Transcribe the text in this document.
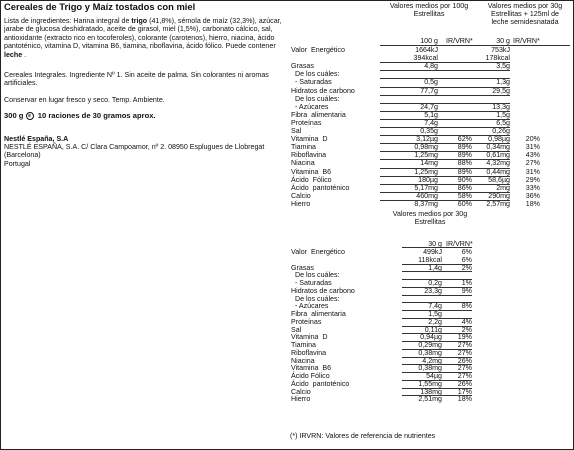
Cereales de Trigo y Maíz tostados con miel

Lista de ingredientes: Harina integral de trigo (41,8%), sémola de maíz (32,3%), azúcar, jarabe de glucosa deshidratado, aceite de girasol, miel (1,5%), carbonato cálcico, sal, antioxidante (extracto rico en tocoferoles), colorante (carotenos), hierro, niacina, ácido pantoténico, vitamina D, vitamina B6, tiamina, riboflavina, ácido fólico. Puede contener leche .

Cereales Integrales. Ingrediente Nº 1. Sin aceite de palma. Sin colorantes ni aromas artificiales.
Conservar en lugar fresco y seco. Temp. Ambiente.
300 g e 10 raciones de 30 gramos aprox.
Nestlé España, S.A
NESTLÉ ESPAÑA, S.A. C/ Clara Campoamor, nº 2. 08950 Esplugues de Llobregat (Barcelona)
Portugal
Valores medios por 100g
Estrellitas
Valores medios por 30g
Estrellitas + 125ml de
leche semidesnatada
100 g IR/VRN*	30 g IR/VRN*
Valor  Energético	1664kJ	753kJ
394kcal	178kcal
Grasas	4,8g	3,5g
De los cuáles:
- Saturadas	0,5g	1,3g
Hidratos de carbono	77,7g	29,5g
De los cuáles:
- Azúcares	24,7g	13,3g
Fibra  alimentaria	5,1g	1,5g
Proteínas	7,4g	6,5g
Sal	0,35g	0,26g
Vitamina  D	3,12µg	62%	0,98µg	20%
Tiamina	0,98mg	89%	0,34mg	31%
Riboflavina	1,25mg	89%	0,61mg	43%
Niacina	14mg	88%	4,32mg	27%
Vitamina  B6	1,25mg	89%	0,44mg	31%
Ácido  Fólico	180µg	90%	58,6µg	29%
Ácido  pantoténico	5,17mg	86%	2mg	33%
Calcio	460mg	58%	290mg	36%
Hierro	8,37mg	60%	2,57mg	18%
Valores medios por 30g
Estrellitas
30 g IR/VRN*
Valor  Energético	499kJ	6%
118kcal	6%
Grasas	1,4g	2%
De los cuáles:
- Saturadas	0,2g	1%
Hidratos de carbono	23,3g	9%
De los cuáles:
- Azúcares	7,4g	8%
Fibra  alimentaria	1,5g
Proteínas	2,2g	4%
Sal	0,11g	2%
Vitamina  D	0,94µg	19%
Tiamina	0,29mg	27%
Riboflavina	0,38mg	27%
Niacina	4,2mg	26%
Vitamina  B6	0,38mg	27%
Ácido Fólico	54µg	27%
Ácido  pantoténico	1,55mg	26%
Calcio	138mg	17%
Hierro	2,51mg	18%
(*) IRVRN: Valores de referencia de nutrientes
